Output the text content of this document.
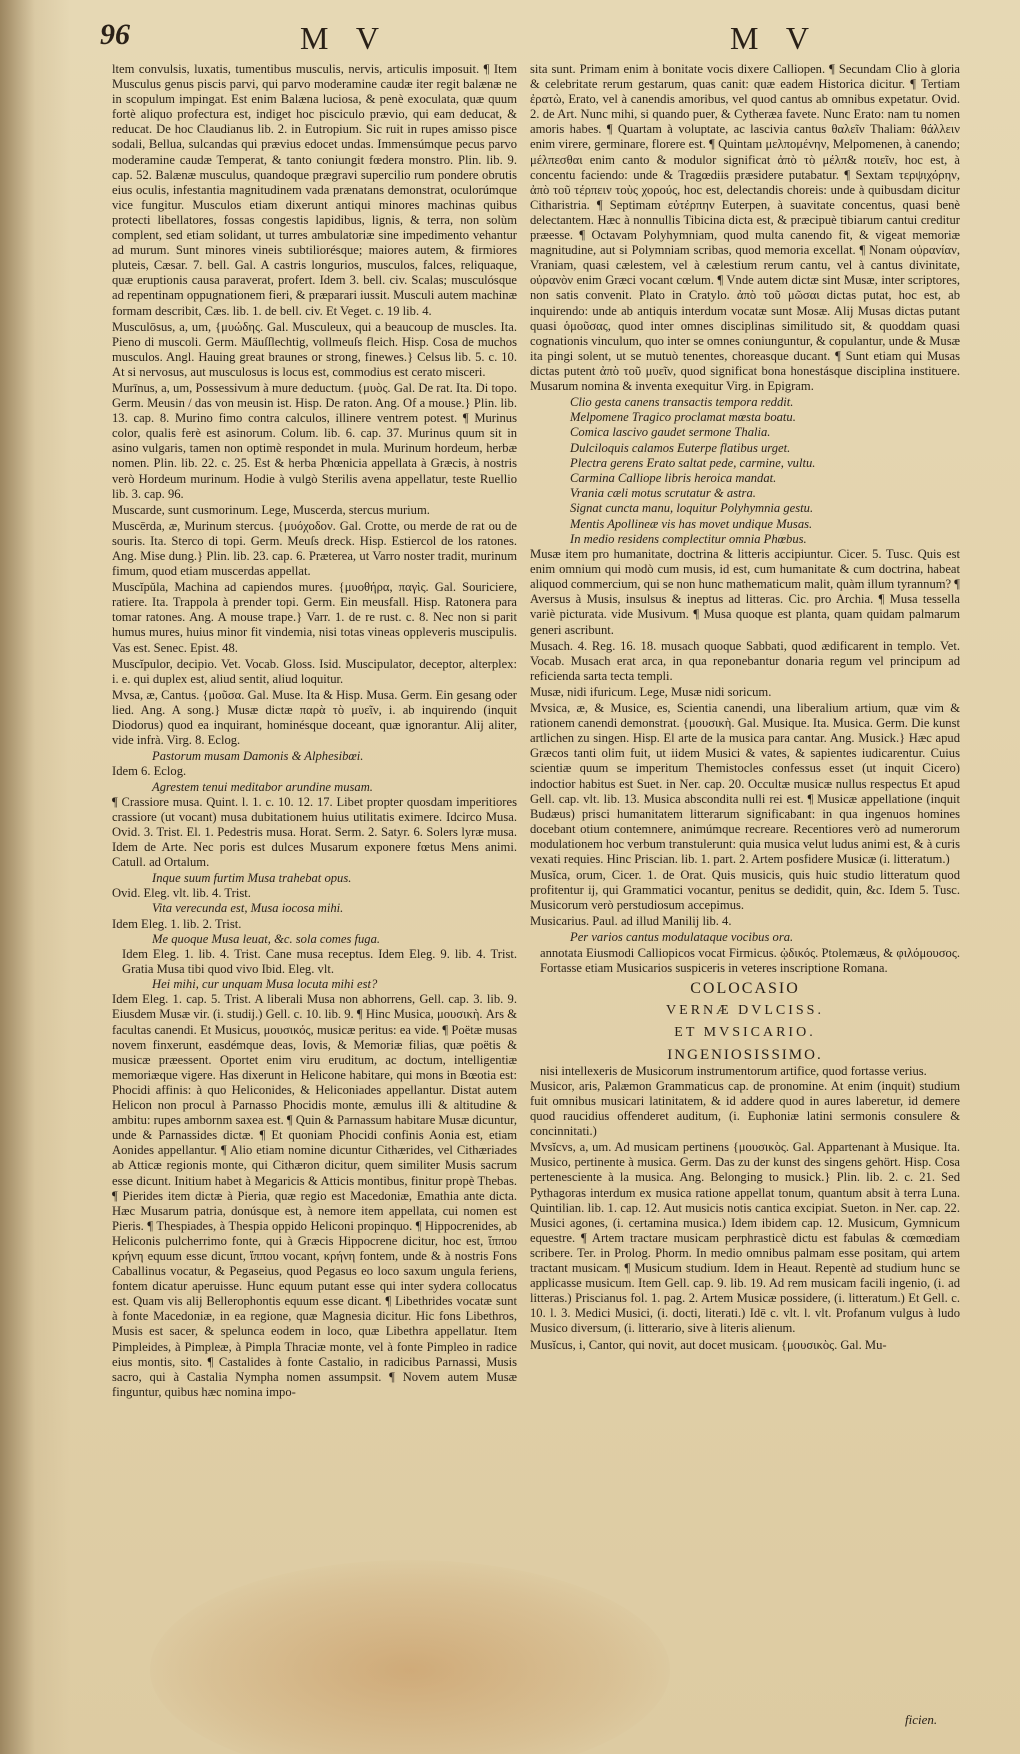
96	M V	M V

ltem convulsis, luxatis, tumentibus musculis, nervis, articulis imposuit. ¶ Item Musculus genus piscis parvi, qui parvo moderamine caudæ iter regit balænæ ne in scopulum impingat. Est enim Balæna luciosa, & penè exoculata, quæ quum fortè aliquo profectura est, indiget hoc pisciculo prævio, qui eam deducat, & reducat. De hoc Claudianus lib. 2. in Eutropium. Sic ruit in rupes amisso pisce sodali, Bellua, sulcandas qui prævius edocet undas. Immensúmque pecus parvo moderamine caudæ Temperat, & tanto coniungit fœdera monstro. Plin. lib. 9. cap. 52. Balænæ musculus, quandoque prægravi supercilio rum pondere obrutis eius oculis, infestantia magnitudinem vada prænatans demonstrat, oculorúmque vice fungitur. Musculos etiam dixerunt antiqui minores machinas quibus protecti libellatores, fossas congestis lapidibus, lignis, & terra, non solùm complent, sed etiam solidant, ut turres ambulatoriæ sine impedimento vehantur ad murum. Sunt minores vineis subtiliorésque; maiores autem, & firmiores pluteis, Cæsar. 7. bell. Gal. A castris longurios, musculos, falces, reliquaque, quæ eruptionis causa paraverat, profert. Idem 3. bell. civ. Scalas; musculósque ad repentinam oppugnationem fieri, & præparari iussit. Musculi autem machinæ formam describit, Cæs. lib. 1. de bell. civ. Et Veget. c. 19 lib. 4.

Musculōsus, a, um, {μυώδης. Gal. Musculeux, qui a beaucoup de muscles. Ita. Pieno di muscoli. Germ. Mäuſſlechtig, vollmeuſs fleich. Hisp. Cosa de muchos musculos. Angl. Hauing great braunes or strong, finewes.} Celsus lib. 5. c. 10. At si nervosus, aut musculosus is locus est, commodius est cerato misceri.

Murīnus, a, um, Possessivum à mure deductum. {μυὸς. Gal. De rat. Ita. Di topo. Germ. Meusin / das von meusin ist. Hisp. De raton. Ang. Of a mouse.} Plin. lib. 13. cap. 8. Murino fimo contra calculos, illinere ventrem potest. ¶ Murinus color, qualis ferè est asinorum. Colum. lib. 6. cap. 37. Murinus quum sit in asino vulgaris, tamen non optimè respondet in mula. Murinum hordeum, herbæ nomen. Plin. lib. 22. c. 25. Est & herba Phœnicia appellata à Græcis, à nostris verò Hordeum murinum. Hodie à vulgò Sterilis avena appellatur, teste Ruellio lib. 3. cap. 96.

Muscarde, sunt cusmorinum. Lege, Muscerda, stercus murium.

Muscērda, æ, Murinum stercus. {μυόχοδον. Gal. Crotte, ou merde de rat ou de souris. Ita. Sterco di topi. Germ. Meuſs dreck. Hisp. Estiercol de los ratones. Ang. Mise dung.} Plin. lib. 23. cap. 6. Præterea, ut Varro noster tradit, murinum fimum, quod etiam muscerdas appellat.

Muscĭpŭla, Machina ad capiendos mures. {μυοθήρα, παγὶς. Gal. Souriciere, ratiere. Ita. Trappola à prender topi. Germ. Ein meusfall. Hisp. Ratonera para tomar ratones. Ang. A mouse trape.} Varr. 1. de re rust. c. 8. Nec non si parit humus mures, huius minor fit vindemia, nisi totas vineas oppleveris muscipulis. Vas est. Senec. Epist. 48.

Muscĭpulor, decipio. Vet. Vocab. Gloss. Isid. Muscipulator, deceptor, alterplex: i. e. qui duplex est, aliud sentit, aliud loquitur.

Mvsa, æ, Cantus. {μοῦσα. Gal. Muse. Ita & Hisp. Musa. Germ. Ein gesang oder lied. Ang. A song.} Musæ dictæ παρὰ τὸ μυεῖν, i. ab inquirendo (inquit Diodorus) quod ea inquirant, hominésque doceant, quæ ignorantur. Alij aliter, vide infrà. Virg. 8. Eclog.

Pastorum musam Damonis & Alphesibœi.
Idem 6. Eclog.
Agrestem tenui meditabor arundine musam.

¶ Crassiore musa. Quint. l. 1. c. 10. 12. 17. Libet propter quosdam imperitiores crassiore (ut vocant) musa dubitationem huius utilitatis eximere. Idcirco Musa. Ovid. 3. Trist. El. 1. Pedestris musa. Horat. Serm. 2. Satyr. 6. Solers lyræ musa. Idem de Arte. Nec poris est dulces Musarum exponere fœtus Mens animi. Catull. ad Ortalum.

Inque suum furtim Musa trahebat opus.
Ovid. Eleg. vlt. lib. 4. Trist.
Vita verecunda est, Musa iocosa mihi.
Idem Eleg. 1. lib. 2. Trist.
Me quoque Musa leuat, &c. sola comes fuga.
Idem Eleg. 1. lib. 4. Trist. Cane musa receptus. Idem Eleg. 9. lib. 4. Trist. Gratia Musa tibi quod vivo Ibid. Eleg. vlt.
Hei mihi, cur unquam Musa locuta mihi est?

Idem Eleg. 1. cap. 5. Trist. A liberali Musa non abhorrens, Gell. cap. 3. lib. 9. Eiusdem Musæ vir. (i. studij.) Gell. c. 10. lib. 9. ¶ Hinc Musica, μουσικὴ. Ars & facultas canendi. Et Musicus, μουσικός, musicæ peritus: ea vide. ¶ Poëtæ musas novem finxerunt, easdémque deas, Iovis, & Memoriæ filias, quæ poëtis & musicæ præessent. Oportet enim viru eruditum, ac doctum, intelligentiæ memoriæque vigere. Has dixerunt in Helicone habitare, qui mons in Bœotia est: Phocidi affinis: à quo Heliconides, & Heliconiades appellantur. Distat autem Helicon non procul à Parnasso Phocidis monte, æmulus illi & altitudine & ambitu: rupes ambornm saxea est. ¶ Quin & Parnassum habitare Musæ dicuntur, unde & Parnassides dictæ. ¶ Et quoniam Phocidi confinis Aonia est, etiam Aonides appellantur. ¶ Alio etiam nomine dicuntur Cithærides, vel Cithæriades ab Atticæ regionis monte, qui Cithæron dicitur, quem similiter Musis sacrum esse dicunt. Initium habet à Megaricis & Atticis montibus, finitur propè Thebas. ¶ Pierides item dictæ à Pieria, quæ regio est Macedoniæ, Emathia ante dicta. Hæc Musarum patria, donúsque est, à nemore item appellata, cui nomen est Pieris. ¶ Thespiades, à Thespia oppido Heliconi propinquo. ¶ Hippocrenides, ab Heliconis pulcherrimo fonte, qui à Græcis Hippocrene dicitur, hoc est, ἵππου κρήνη equum esse dicunt, ἵππου vocant, κρήνη fontem, unde & à nostris Fons Caballinus vocatur, & Pegaseius, quod Pegasus eo loco saxum ungula feriens, fontem dicatur aperuisse. Hunc equum putant esse qui inter sydera collocatus est. Quam vis alij Bellerophontis equum esse dicant. ¶ Libethrides vocatæ sunt à fonte Macedoniæ, in ea regione, quæ Magnesia dicitur. Hic fons Libethros, Musis est sacer, & spelunca eodem in loco, quæ Libethra appellatur. Item Pimpleides, à Pimpleæ, à Pimpla Thraciæ monte, vel à fonte Pimpleo in radice eius montis, sito. ¶ Castalides à fonte Castalio, in radicibus Parnassi, Musis sacro, qui à Castalia Nympha nomen assumpsit. ¶ Novem autem Musæ finguntur, quibus hæc nomina impo-

sita sunt. Primam enim à bonitate vocis dixere Calliopen. ¶ Secundam Clio à gloria & celebritate rerum gestarum, quas canit: quæ eadem Historica dicitur. ¶ Tertiam ἐρατὼ, Erato, vel à canendis amoribus, vel quod cantus ab omnibus expetatur. Ovid. 2. de Art. Nunc mihi, si quando puer, & Cytheræa favete. Nunc Erato: nam tu nomen amoris habes. ¶ Quartam à voluptate, ac lascivia cantus θαλεῖν Thaliam: θάλλειν enim virere, germinare, florere est. ¶ Quintam μελπομένην, Melpomenen, à canendo; μέλπεσθαι enim canto & modulor significat ἀπὸ τὸ μέλπ& ποιεῖν, hoc est, à concentu faciendo: unde & Tragœdiis præsidere putabatur. ¶ Sextam τερψιχόρην, ἀπὸ τοῦ τέρπειν τοὺς χορούς, hoc est, delectandis choreis: unde à quibusdam dicitur Citharistria. ¶ Septimam εὐτέρπην Euterpen, à suavitate concentus, quasi benè delectantem. Hæc à nonnullis Tibicina dicta est, & præcipuè tibiarum cantui creditur præesse. ¶ Octavam Polyhymniam, quod multa canendo fit, & vigeat memoriæ magnitudine, aut si Polymniam scribas, quod memoria excellat. ¶ Nonam οὐρανίαν, Vraniam, quasi cælestem, vel à cælestium rerum cantu, vel à cantus divinitate, οὐρανὸν enim Græci vocant cœlum. ¶ Vnde autem dictæ sint Musæ, inter scriptores, non satis convenit. Plato in Cratylo. ἀπὸ τοῦ μῶσαι dictas putat, hoc est, ab inquirendo: unde ab antiquis interdum vocatæ sunt Mosæ. Alij Musas dictas putant quasi ὁμοῦσας, quod inter omnes disciplinas similitudo sit, & quoddam quasi cognationis vinculum, quo inter se omnes coniunguntur, & copulantur, unde & Musæ ita pingi solent, ut se mutuò tenentes, choreasque ducant. ¶ Sunt etiam qui Musas dictas putent ἀπὸ τοῦ μυεῖν, quod significat bona honestásque disciplina instituere. Musarum nomina & inventa exequitur Virg. in Epigram.

Clio gesta canens transactis tempora reddit.
Melpomene Tragico proclamat mœsta boatu.
Comica lascivo gaudet sermone Thalia.
Dulciloquis calamos Euterpe flatibus urget.
Plectra gerens Erato saltat pede, carmine, vultu.
Carmina Calliope libris heroica mandat.
Vrania cæli motus scrutatur & astra.
Signat cuncta manu, loquitur Polyhymnia gestu.
Mentis Apollineæ vis has movet undique Musas.
In medio residens complectitur omnia Phœbus.

Musæ item pro humanitate, doctrina & litteris accipiuntur. Cicer. 5. Tusc. Quis est enim omnium qui modò cum musis, id est, cum humanitate & cum doctrina, habeat aliquod commercium, qui se non hunc mathematicum malit, quàm illum tyrannum? ¶ Aversus à Musis, insulsus & ineptus ad litteras. Cic. pro Archia. ¶ Musa tessella variè picturata. vide Musivum. ¶ Musa quoque est planta, quam quidam palmarum generi ascribunt.

Musach. 4. Reg. 16. 18. musach quoque Sabbati, quod ædificarent in templo. Vet. Vocab. Musach erat arca, in qua reponebantur donaria regum vel principum ad reficienda sarta tecta templi.

Musæ, nidi ifuricum. Lege, Musæ nidi soricum.

Mvsica, æ, & Musice, es, Scientia canendi, una liberalium artium, quæ vim & rationem canendi demonstrat. {μουσικὴ. Gal. Musique. Ita. Musica. Germ. Die kunst artlichen zu singen. Hisp. El arte de la musica para cantar. Ang. Musick.} Hæc apud Græcos tanti olim fuit, ut iidem Musici & vates, & sapientes iudicarentur. Cuius scientiæ quum se imperitum Themistocles confessus esset (ut inquit Cicero) indoctior habitus est Suet. in Ner. cap. 20. Occultæ musicæ nullus respectus Et apud Gell. cap. vlt. lib. 13. Musica abscondita nulli rei est. ¶ Musicæ appellatione (inquit Budæus) prisci humanitatem litterarum significabant: in qua ingenuos homines docebant otium contemnere, animúmque recreare. Recentiores verò ad numerorum modulationem hoc verbum transtulerunt: quia musica velut ludus animi est, & à curis vexati requies. Hinc Priscian. lib. 1. part. 2. Artem posfidere Musicæ (i. litteratum.)

Musĭca, orum, Cicer. 1. de Orat. Quis musicis, quis huic studio litteratum quod profitentur ij, qui Grammatici vocantur, penitus se dedidit, quin, &c. Idem 5. Tusc. Musicorum verò perstudiosum accepimus.

Musicarius. Paul. ad illud Manilij lib. 4.

Per varios cantus modulataque vocibus ora.
annotata Eiusmodi Calliopicos vocat Firmicus. ᾠδικός. Ptolemæus, & φιλόμουσος. Fortasse etiam Musicarios suspiceris in veteres inscriptione Romana.
COLOCASIO
VERNÆ DVLCISS.
ET MVSICARIO.
INGENIOSISSIMO.
nisi intellexeris de Musicorum instrumentorum artifice, quod fortasse verius.

Musicor, aris, Palæmon Grammaticus cap. de pronomine. At enim (inquit) studium fuit omnibus musicari latinitatem, & id addere quod in aures laberetur, id demere quod raucidius offenderet auditum, (i. Euphoniæ latini sermonis consulere & concinnitati.)

Mvsĭcvs, a, um. Ad musicam pertinens {μουσικὸς. Gal. Appartenant à Musique. Ita. Musico, pertinente à musica. Germ. Das zu der kunst des singens gehört. Hisp. Cosa pertenesciente à la musica. Ang. Belonging to musick.} Plin. lib. 2. c. 21. Sed Pythagoras interdum ex musica ratione appellat tonum, quantum absit à terra Luna. Quintilian. lib. 1. cap. 12. Aut musicis notis cantica excipiat. Sueton. in Ner. cap. 22. Musici agones, (i. certamina musica.) Idem ibidem cap. 12. Musicum, Gymnicum equestre. ¶ Artem tractare musicam perphrasticè dictu est fabulas & cœmœdiam scribere. Ter. in Prolog. Phorm. In medio omnibus palmam esse positam, qui artem tractant musicam. ¶ Musicum studium. Idem in Heaut. Repentè ad studium hunc se applicasse musicum. Item Gell. cap. 9. lib. 19. Ad rem musicam facili ingenio, (i. ad litteras.) Priscianus fol. 1. pag. 2. Artem Musicæ possidere, (i. litteratum.) Et Gell. c. 10. l. 3. Medici Musici, (i. docti, literati.) Idē c. vlt. l. vlt. Profanum vulgus à ludo Musico diversum, (i. litterario, sive à literis alienum.

Musĭcus, i, Cantor, qui novit, aut docet musicam. {μουσικὸς. Gal. Mu-

ficien.
